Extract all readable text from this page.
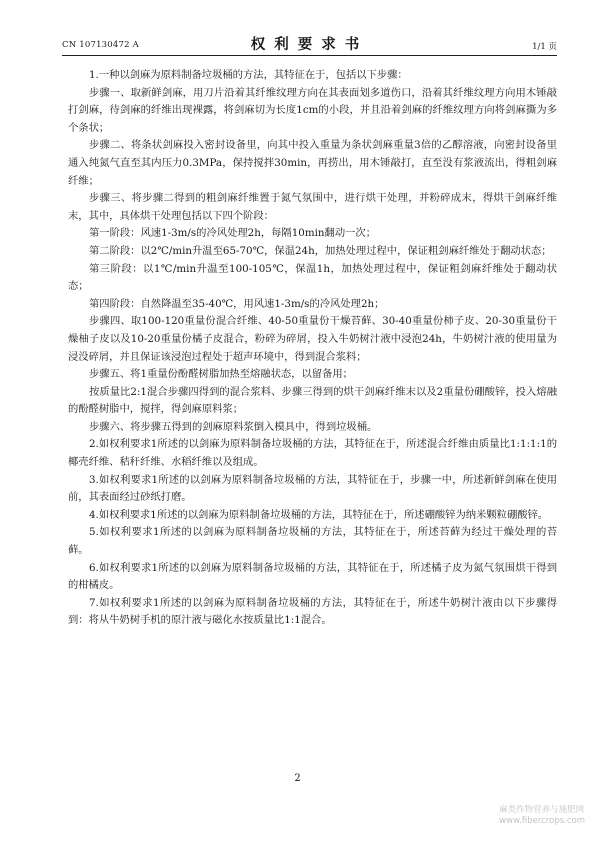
CN 107130472 A	权利要求书	1/1 页

1.一种以剑麻为原料制备垃圾桶的方法，其特征在于，包括以下步骤：

步骤一、取新鲜剑麻，用刀片沿着其纤维纹理方向在其表面划多道伤口，沿着其纤维纹理方向用木锤敲打剑麻，待剑麻的纤维出现裸露，将剑麻切为长度1cm的小段，并且沿着剑麻的纤维纹理方向将剑麻撕为多个条状；

步骤二、将条状剑麻投入密封设备里，向其中投入重量为条状剑麻重量3倍的乙醇溶液，向密封设备里通入纯氮气直至其内压力0.3MPa，保持搅拌30min，再捞出，用木锤敲打，直至没有浆液流出，得粗剑麻纤维；

步骤三、将步骤二得到的粗剑麻纤维置于氮气氛围中，进行烘干处理，并粉碎成末，得烘干剑麻纤维末，其中，具体烘干处理包括以下四个阶段：

第一阶段：风速1-3m/s的冷风处理2h，每隔10min翻动一次；

第二阶段：以2℃/min升温至65-70℃，保温24h，加热处理过程中，保证粗剑麻纤维处于翻动状态；

第三阶段：以1℃/min升温至100-105℃，保温1h，加热处理过程中，保证粗剑麻纤维处于翻动状态；

第四阶段：自然降温至35-40℃，用风速1-3m/s的冷风处理2h；

步骤四、取100-120重量份混合纤维、40-50重量份干燥苔藓、30-40重量份柿子皮、20-30重量份干燥柚子皮以及10-20重量份橘子皮混合，粉碎为碎屑，投入牛奶树汁液中浸泡24h，牛奶树汁液的使用量为浸没碎屑，并且保证该浸泡过程处于超声环境中，得到混合浆料；

步骤五、将1重量份酚醛树脂加热至熔融状态，以留备用；

按质量比2:1混合步骤四得到的混合浆料、步骤三得到的烘干剑麻纤维末以及2重量份硼酸锌，投入熔融的酚醛树脂中，搅拌，得剑麻原料浆；

步骤六、将步骤五得到的剑麻原料浆倒入模具中，得到垃圾桶。

2.如权利要求1所述的以剑麻为原料制备垃圾桶的方法，其特征在于，所述混合纤维由质量比1:1:1:1的椰壳纤维、秸秆纤维、水稻纤维以及组成。

3.如权利要求1所述的以剑麻为原料制备垃圾桶的方法，其特征在于，步骤一中，所述新鲜剑麻在使用前，其表面经过砂纸打磨。

4.如权利要求1所述的以剑麻为原料制备垃圾桶的方法，其特征在于，所述硼酸锌为纳米颗粒硼酸锌。

5.如权利要求1所述的以剑麻为原料制备垃圾桶的方法，其特征在于，所述苔藓为经过干燥处理的苔藓。

6.如权利要求1所述的以剑麻为原料制备垃圾桶的方法，其特征在于，所述橘子皮为氮气氛围烘干得到的柑橘皮。

7.如权利要求1所述的以剑麻为原料制备垃圾桶的方法，其特征在于，所述牛奶树汁液由以下步骤得到：将从牛奶树手机的原汁液与磁化水按质量比1:1混合。

2
麻类作物营养与施肥网
www.fibercrops.com
